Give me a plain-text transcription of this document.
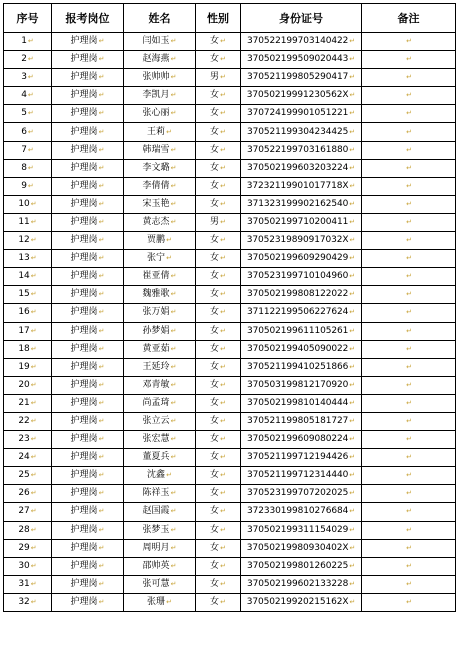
序号	报考岗位	姓名	性别	身份证号	备注
1↵	护理岗↵	闫如玉↵	女↵	370522199703140422↵	↵
2↵	护理岗↵	赵海燕↵	女↵	370502199509020443↵	↵
3↵	护理岗↵	张帅帅↵	男↵	370521199805290417↵	↵
4↵	护理岗↵	李凯月↵	女↵	37050219991230562X↵	↵
5↵	护理岗↵	张心丽↵	女↵	370724199901051221↵	↵
6↵	护理岗↵	王莉↵	女↵	370521199304234425↵	↵
7↵	护理岗↵	韩瑞雪↵	女↵	370522199703161880↵	↵
8↵	护理岗↵	李文璐↵	女↵	370502199603203224↵	↵
9↵	护理岗↵	李倩倩↵	女↵	37232119901017718X↵	↵
10↵	护理岗↵	宋玉艳↵	女↵	371323199902162540↵	↵
11↵	护理岗↵	黄志杰↵	男↵	370502199710200411↵	↵
12↵	护理岗↵	贾鹏↵	女↵	37052319890917032X↵	↵
13↵	护理岗↵	张宁↵	女↵	370502199609290429↵	↵
14↵	护理岗↵	崔亚倩↵	女↵	370523199710104960↵	↵
15↵	护理岗↵	魏雅歌↵	女↵	370502199808122022↵	↵
16↵	护理岗↵	张万娟↵	女↵	371122199506227624↵	↵
17↵	护理岗↵	孙梦娟↵	女↵	370502199611105261↵	↵
18↵	护理岗↵	黄亚茹↵	女↵	370502199405090022↵	↵
19↵	护理岗↵	王延玲↵	女↵	370521199410251866↵	↵
20↵	护理岗↵	邓青敏↵	女↵	370503199812170920↵	↵
21↵	护理岗↵	尚孟琦↵	女↵	370502199810140444↵	↵
22↵	护理岗↵	张立云↵	女↵	370521199805181727↵	↵
23↵	护理岗↵	张宏慧↵	女↵	370502199609080224↵	↵
24↵	护理岗↵	董夏兵↵	女↵	370521199712194426↵	↵
25↵	护理岗↵	沈鑫↵	女↵	370521199712314440↵	↵
26↵	护理岗↵	陈祥玉↵	女↵	370523199707202025↵	↵
27↵	护理岗↵	赵国霞↵	女↵	372330199810276684↵	↵
28↵	护理岗↵	张梦玉↵	女↵	370502199311154029↵	↵
29↵	护理岗↵	周明月↵	女↵	37050219980930402X↵	↵
30↵	护理岗↵	邵帅英↵	女↵	370502199801260225↵	↵
31↵	护理岗↵	张可慧↵	女↵	370502199602133228↵	↵
32↵	护理岗↵	张珊↵	女↵	37050219920215162X↵	↵
